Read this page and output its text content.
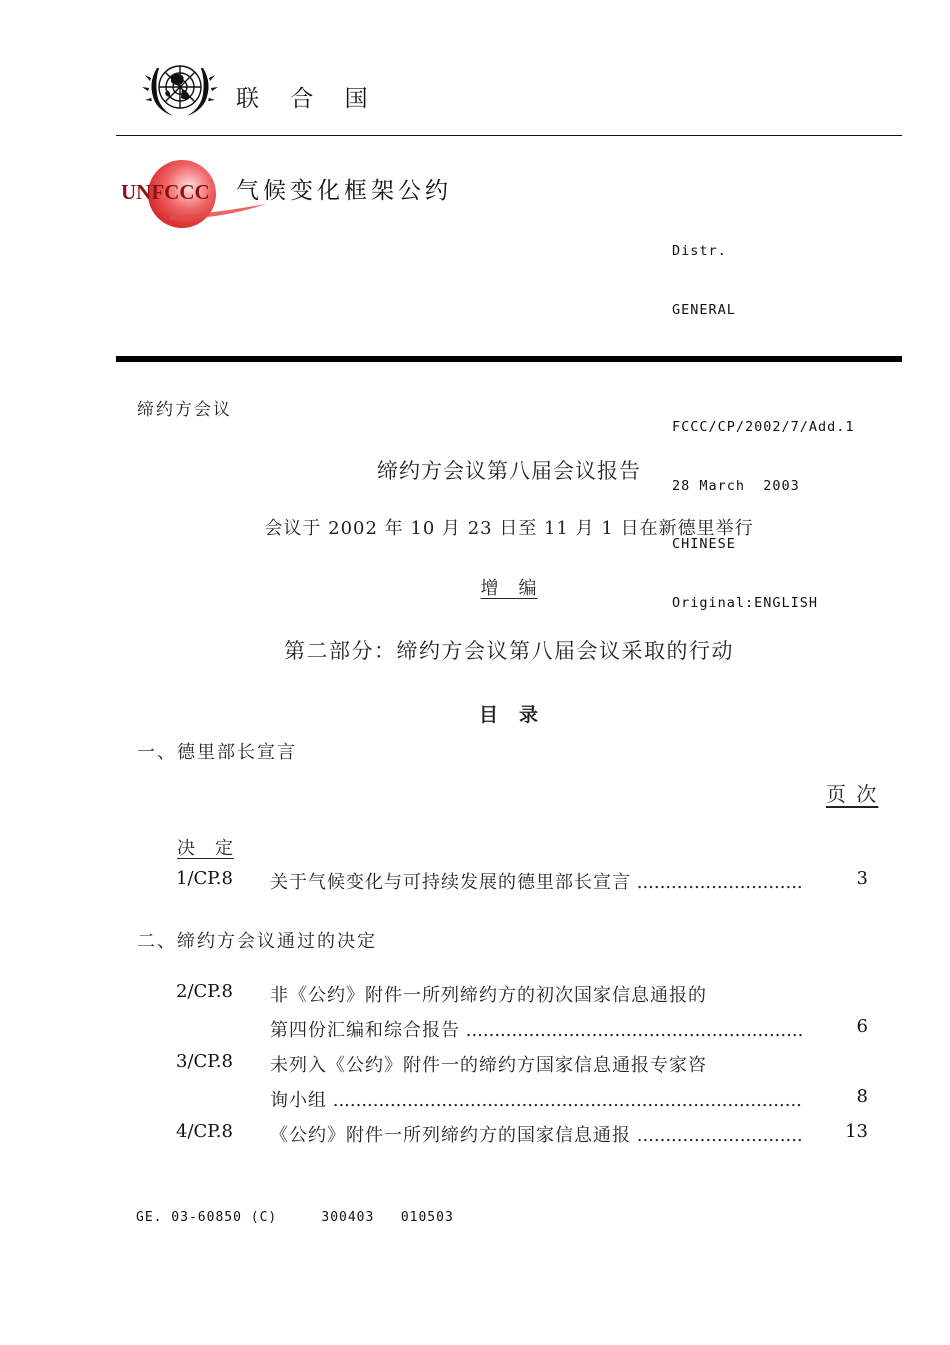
联 合 国
UNFCCC 气候变化框架公约

Distr.

GENERAL

FCCC/CP/2002/7/Add.1

28 March  2003

CHINESE

Original:ENGLISH

缔约方会议
缔约方会议第八届会议报告
会议于 2002 年 10 月 23 日至 11 月 1 日在新德里举行
增　编
第二部分：缔约方会议第八届会议采取的行动
目　录
一、德里部长宣言
页 次
决　定
1/CP.8 关于气候变化与可持续发展的德里部长宣言 .....	3
二、缔约方会议通过的决定
2/CP.8 非《公约》附件一所列缔约方的初次国家信息通报的
第四份汇编和综合报告 .....	6
3/CP.8 未列入《公约》附件一的缔约方国家信息通报专家咨
询小组 .....	8
4/CP.8 《公约》附件一所列缔约方的国家信息通报 .....	13
GE. 03-60850 (C)	300403 010503
